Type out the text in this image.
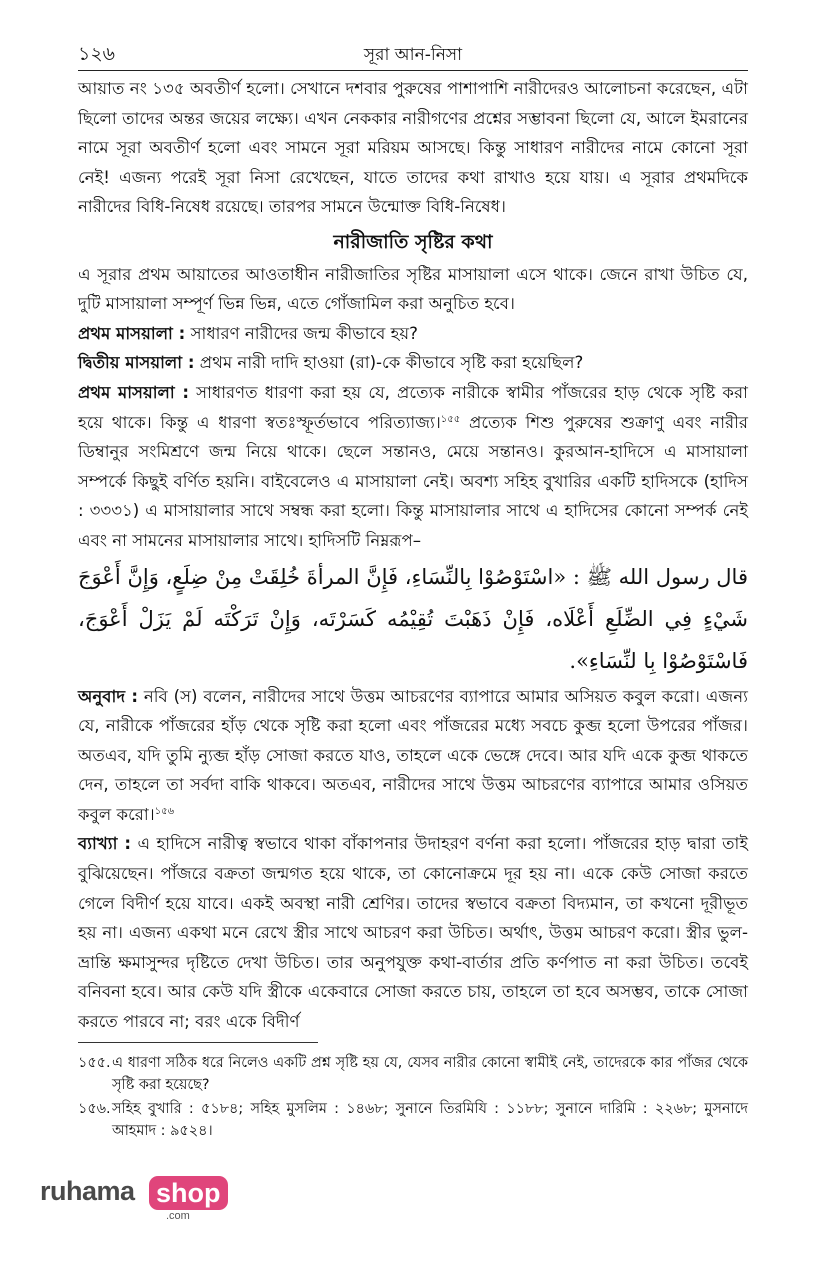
১২৬	সূরা আন-নিসা

আয়াত নং ১৩৫ অবতীর্ণ হলো। সেখানে দশবার পুরুষের পাশাপাশি নারীদেরও আলোচনা করেছেন, এটা ছিলো তাদের অন্তর জয়ের লক্ষ্যে। এখন নেককার নারীগণের প্রশ্নের সম্ভাবনা ছিলো যে, আলে ইমরানের নামে সূরা অবতীর্ণ হলো এবং সামনে সূরা মরিয়ম আসছে। কিন্তু সাধারণ নারীদের নামে কোনো সূরা নেই! এজন্য পরেই সূরা নিসা রেখেছেন, যাতে তাদের কথা রাখাও হয়ে যায়। এ সূরার প্রথমদিকে নারীদের বিধি-নিষেধ রয়েছে। তারপর সামনে উন্মোক্ত বিধি-নিষেধ।

নারীজাতি সৃষ্টির কথা

এ সূরার প্রথম আয়াতের আওতাধীন নারীজাতির সৃষ্টির মাসায়ালা এসে থাকে। জেনে রাখা উচিত যে, দুটি মাসায়ালা সম্পূর্ণ ভিন্ন ভিন্ন, এতে গোঁজামিল করা অনুচিত হবে।

প্রথম মাসয়ালা : সাধারণ নারীদের জন্ম কীভাবে হয়?

দ্বিতীয় মাসয়ালা : প্রথম নারী দাদি হাওয়া (রা)-কে কীভাবে সৃষ্টি করা হয়েছিল?

প্রথম মাসয়ালা : সাধারণত ধারণা করা হয় যে, প্রত্যেক নারীকে স্বামীর পাঁজরের হাড় থেকে সৃষ্টি করা হয়ে থাকে। কিন্তু এ ধারণা স্বতঃস্ফূর্তভাবে পরিত্যাজ্য।$^{১৫৫}$ প্রত্যেক শিশু পুরুষের শুক্রাণু এবং নারীর ডিম্বানুর সংমিশ্রণে জন্ম নিয়ে থাকে। ছেলে সন্তানও, মেয়ে সন্তানও। কুরআন-হাদিসে এ মাসায়ালা সম্পর্কে কিছুই বর্ণিত হয়নি। বাইবেলেও এ মাসায়ালা নেই। অবশ্য সহিহ বুখারির একটি হাদিসকে (হাদিস : ৩৩৩১) এ মাসায়ালার সাথে সম্বন্ধ করা হলো। কিন্তু মাসায়ালার সাথে এ হাদিসের কোনো সম্পর্ক নেই এবং না সামনের মাসায়ালার সাথে। হাদিসটি নিম্নরূপ–

قال رسول الله ﷺ : «اسْتَوْصُوْا بِالنِّسَاءِ، فَإِنَّ المرأةَ خُلِقَتْ مِنْ ضِلَعٍ، وَإِنَّ أَعْوَجَ شَيْءٍ فِي الضِّلَعِ أَعْلَاه، فَإِنْ ذَهَبْتَ تُقِيْمُه كَسَرْتَه، وَإِنْ تَرَكْتَه لَمْ يَزَلْ أَعْوَجَ، فَاسْتَوْصُوْا بِا لنِّسَاءِ».

অনুবাদ : নবি (স) বলেন, নারীদের সাথে উত্তম আচরণের ব্যাপারে আমার অসিয়ত কবুল করো। এজন্য যে, নারীকে পাঁজরের হাঁড় থেকে সৃষ্টি করা হলো এবং পাঁজরের মধ্যে সবচে কুব্জ হলো উপরের পাঁজর। অতএব, যদি তুমি ন্যুব্জ হাঁড় সোজা করতে যাও, তাহলে একে ভেঙ্গে দেবে। আর যদি একে কুব্জ থাকতে দেন, তাহলে তা সর্বদা বাকি থাকবে। অতএব, নারীদের সাথে উত্তম আচরণের ব্যাপারে আমার ওসিয়ত কবুল করো।$^{১৫৬}$

ব্যাখ্যা : এ হাদিসে নারীত্ব স্বভাবে থাকা বাঁকাপনার উদাহরণ বর্ণনা করা হলো। পাঁজরের হাড় দ্বারা তাই বুঝিয়েছেন। পাঁজরে বক্রতা জন্মগত হয়ে থাকে, তা কোনোক্রমে দূর হয় না। একে কেউ সোজা করতে গেলে বিদীর্ণ হয়ে যাবে। একই অবস্থা নারী শ্রেণির। তাদের স্বভাবে বক্রতা বিদ্যমান, তা কখনো দূরীভূত হয় না। এজন্য একথা মনে রেখে স্ত্রীর সাথে আচরণ করা উচিত। অর্থাৎ, উত্তম আচরণ করো। স্ত্রীর ভুল-ভ্রান্তি ক্ষমাসুন্দর দৃষ্টিতে দেখা উচিত। তার অনুপযুক্ত কথা-বার্তার প্রতি কর্ণপাত না করা উচিত। তবেই বনিবনা হবে। আর কেউ যদি স্ত্রীকে একেবারে সোজা করতে চায়, তাহলে তা হবে অসম্ভব, তাকে সোজা করতে পারবে না; বরং একে বিদীর্ণ

১৫৫. এ ধারণা সঠিক ধরে নিলেও একটি প্রশ্ন সৃষ্টি হয় যে, যেসব নারীর কোনো স্বামীই নেই, তাদেরকে কার পাঁজর থেকে সৃষ্টি করা হয়েছে?
১৫৬. সহিহ বুখারি : ৫১৮৪; সহিহ মুসলিম : ১৪৬৮; সুনানে তিরমিযি : ১১৮৮; সুনানে দারিমি : ২২৬৮; মুসনাদে আহমাদ : ৯৫২৪।
ruhama shop
.com
